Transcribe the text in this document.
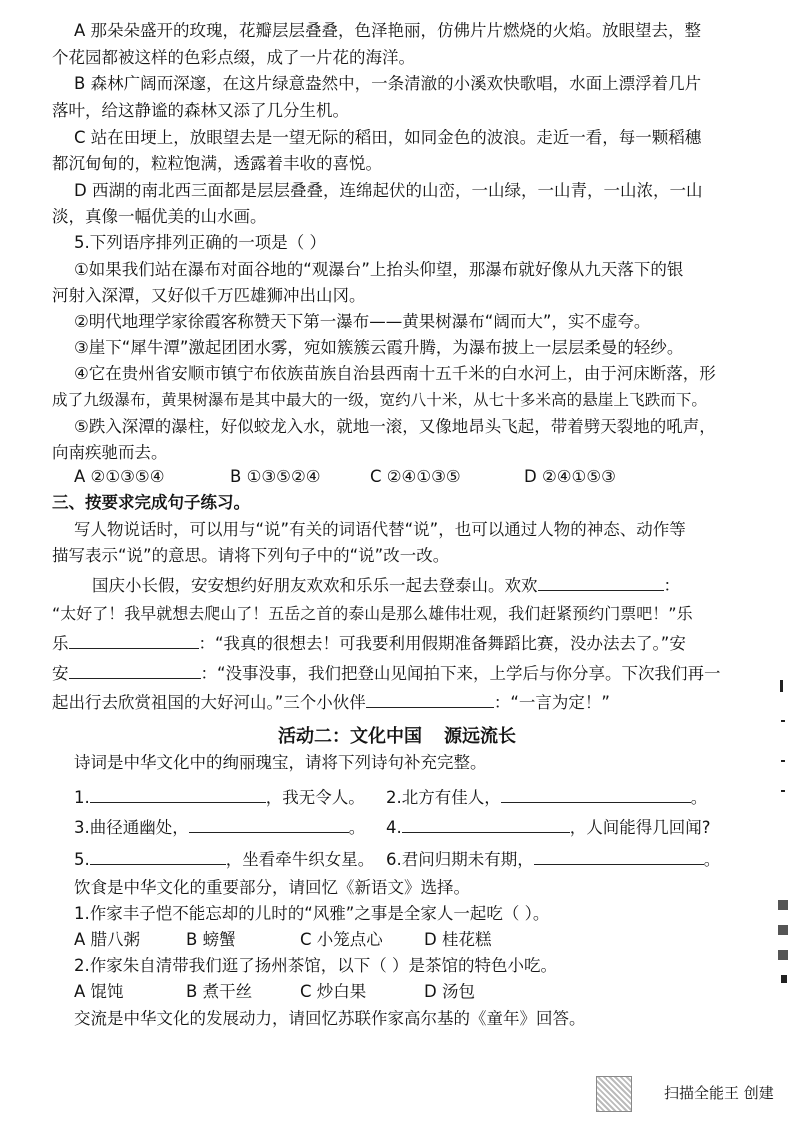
A 那朵朵盛开的玫瑰，花瓣层层叠叠，色泽艳丽，仿佛片片燃烧的火焰。放眼望去，整
个花园都被这样的色彩点缀，成了一片花的海洋。
B 森林广阔而深邃，在这片绿意盎然中，一条清澈的小溪欢快歌唱，水面上漂浮着几片
落叶，给这静谧的森林又添了几分生机。
C 站在田埂上，放眼望去是一望无际的稻田，如同金色的波浪。走近一看，每一颗稻穗
都沉甸甸的，粒粒饱满，透露着丰收的喜悦。
D 西湖的南北西三面都是层层叠叠，连绵起伏的山峦，一山绿，一山青，一山浓，一山
淡，真像一幅优美的山水画。
5.下列语序排列正确的一项是（ ）
①如果我们站在瀑布对面谷地的“观瀑台”上抬头仰望，那瀑布就好像从九天落下的银
河射入深潭，又好似千万匹雄狮冲出山冈。
②明代地理学家徐霞客称赞天下第一瀑布——黄果树瀑布“阔而大”，实不虚夸。
③崖下“犀牛潭”激起团团水雾，宛如簇簇云霞升腾，为瀑布披上一层层柔曼的轻纱。
④它在贵州省安顺市镇宁布依族苗族自治县西南十五千米的白水河上，由于河床断落，形
成了九级瀑布，黄果树瀑布是其中最大的一级，宽约八十米，从七十多米高的悬崖上飞跌而下。
⑤跌入深潭的瀑柱，好似蛟龙入水，就地一滚，又像地昂头飞起，带着劈天裂地的吼声，
向南疾驰而去。
A ②①③⑤④	B ①③⑤②④	C ②④①③⑤	D ②④①⑤③
三、按要求完成句子练习。
写人物说话时，可以用与“说”有关的词语代替“说”，也可以通过人物的神态、动作等
描写表示“说”的意思。请将下列句子中的“说”改一改。
国庆小长假，安安想约好朋友欢欢和乐乐一起去登泰山。欢欢	：
“太好了！我早就想去爬山了！五岳之首的泰山是那么雄伟壮观，我们赶紧预约门票吧！”乐
乐	：“我真的很想去！可我要利用假期准备舞蹈比赛，没办法去了。”安
安	：“没事没事，我们把登山见闻拍下来，上学后与你分享。下次我们再一
起出行去欣赏祖国的大好河山。”三个小伙伴	：“一言为定！”
活动二：文化中国 源远流长
诗词是中华文化中的绚丽瑰宝，请将下列诗句补充完整。
1.	，我无令人。 2.北方有佳人，	。
3.曲径通幽处，	。 4.	，人间能得几回闻?
5.	，坐看牵牛织女星。 6.君问归期未有期，	。
饮食是中华文化的重要部分，请回忆《新语文》选择。
1.作家丰子恺不能忘却的儿时的“风雅”之事是全家人一起吃（ ）。
A 腊八粥	B 螃蟹	C 小笼点心 D 桂花糕
2.作家朱自清带我们逛了扬州茶馆，以下（ ）是茶馆的特色小吃。
A 馄饨	B 煮干丝	C 炒白果	D 汤包
交流是中华文化的发展动力，请回忆苏联作家高尔基的《童年》回答。
扫描全能王 创建
